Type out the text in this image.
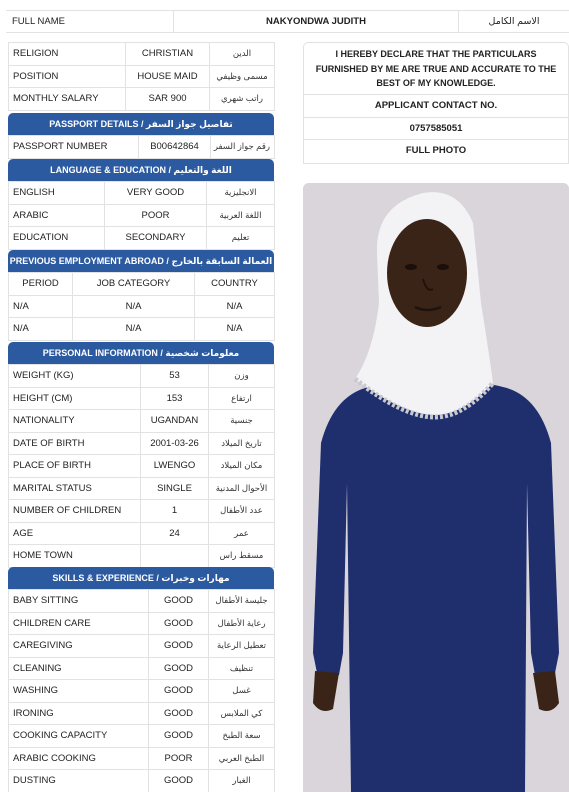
FULL NAME	NAKYONDWA JUDITH	الاسم الكامل
RELIGION	CHRISTIAN	الدين
POSITION	HOUSE MAID	مسمى وظيفي
MONTHLY SALARY	SAR 900	راتب شهري
PASSPORT DETAILS / تفاصيل جواز السفر
PASSPORT NUMBER	B00642864	رقم جواز السفر
LANGUAGE & EDUCATION / اللغة والتعليم
ENGLISH	VERY GOOD	الانجليزية
ARABIC	POOR	اللغة العربية
EDUCATION	SECONDARY	تعليم
PREVIOUS EMPLOYMENT ABROAD / العمالة السابقة بالخارج
PERIOD	JOB CATEGORY	COUNTRY
N/A	N/A	N/A
N/A	N/A	N/A
PERSONAL INFORMATION / معلومات شخصية
WEIGHT (KG)	53	وزن
HEIGHT (CM)	153	ارتفاع
NATIONALITY	UGANDAN	جنسية
DATE OF BIRTH	2001-03-26	تاريخ الميلاد
PLACE OF BIRTH	LWENGO	مكان الميلاد
MARITAL STATUS	SINGLE	الأحوال المدنية
NUMBER OF CHILDREN	1	عدد الأطفال
AGE	24	عمر
HOME TOWN		مسقط راس
SKILLS & EXPERIENCE / مهارات وخبرات
BABY SITTING	GOOD	جليسة الأطفال
CHILDREN CARE	GOOD	رعاية الأطفال
CAREGIVING	GOOD	تعطيل الرعاية
CLEANING	GOOD	تنظيف
WASHING	GOOD	غسل
IRONING	GOOD	كي الملابس
COOKING CAPACITY	GOOD	سعة الطبخ
ARABIC COOKING	POOR	الطبخ العربي
DUSTING	GOOD	الغبار
I HEREBY DECLARE THAT THE PARTICULARS FURNISHED BY ME ARE TRUE AND ACCURATE TO THE BEST OF MY KNOWLEDGE.
APPLICANT CONTACT NO.
0757585051
FULL PHOTO
